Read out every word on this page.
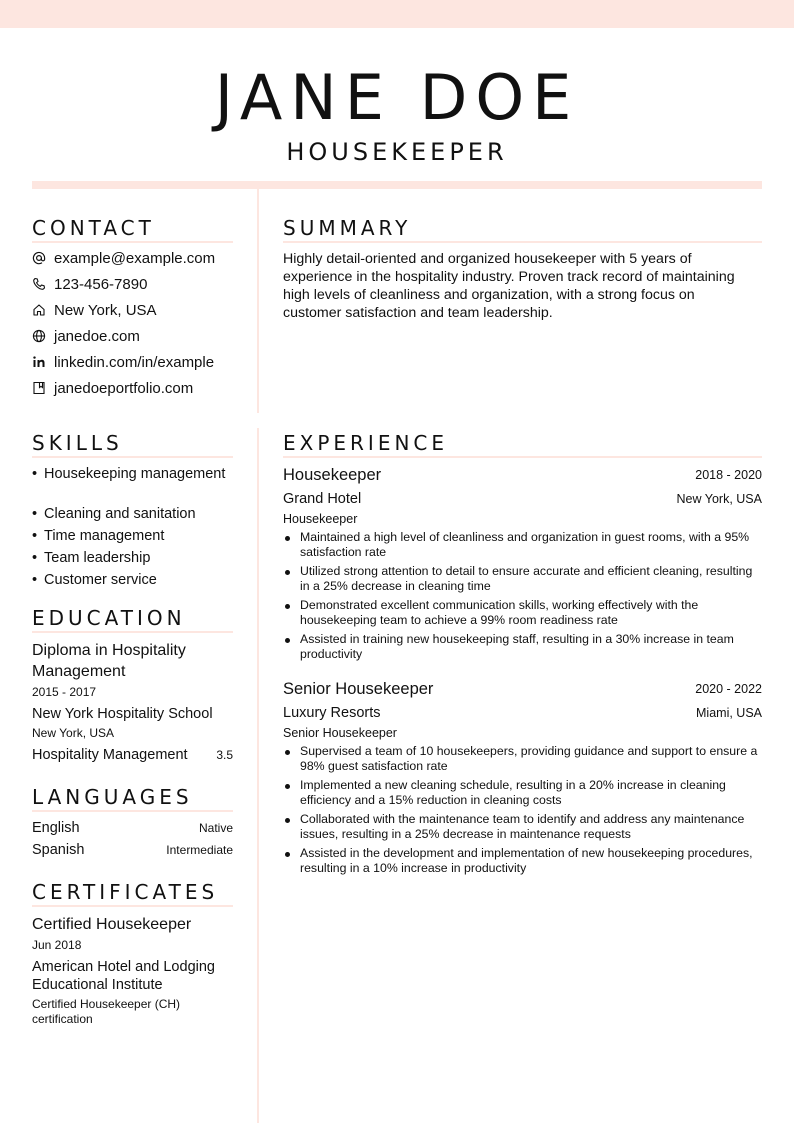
JANE DOE
HOUSEKEEPER
CONTACT
example@example.com
123-456-7890
New York, USA
janedoe.com
linkedin.com/in/example
janedoeportfolio.com
SKILLS
• Housekeeping management
• Cleaning and sanitation
• Time management
• Team leadership
• Customer service
EDUCATION
Diploma in Hospitality Management
2015 - 2017
New York Hospitality School
New York, USA
Hospitality Management 3.5
LANGUAGES
English	Native
Spanish	Intermediate
CERTIFICATES
Certified Housekeeper
Jun 2018
American Hotel and Lodging Educational Institute
Certified Housekeeper (CH) certification
SUMMARY
Highly detail-oriented and organized housekeeper with 5 years of experience in the hospitality industry. Proven track record of maintaining high levels of cleanliness and organization, with a strong focus on customer satisfaction and team leadership.
EXPERIENCE
Housekeeper	2018 - 2020
Grand Hotel	New York, USA
Housekeeper
Maintained a high level of cleanliness and organization in guest rooms, with a 95% satisfaction rate
Utilized strong attention to detail to ensure accurate and efficient cleaning, resulting in a 25% decrease in cleaning time
Demonstrated excellent communication skills, working effectively with the housekeeping team to achieve a 99% room readiness rate
Assisted in training new housekeeping staff, resulting in a 30% increase in team productivity
Senior Housekeeper	2020 - 2022
Luxury Resorts	Miami, USA
Senior Housekeeper
Supervised a team of 10 housekeepers, providing guidance and support to ensure a 98% guest satisfaction rate
Implemented a new cleaning schedule, resulting in a 20% increase in cleaning efficiency and a 15% reduction in cleaning costs
Collaborated with the maintenance team to identify and address any maintenance issues, resulting in a 25% decrease in maintenance requests
Assisted in the development and implementation of new housekeeping procedures, resulting in a 10% increase in productivity
